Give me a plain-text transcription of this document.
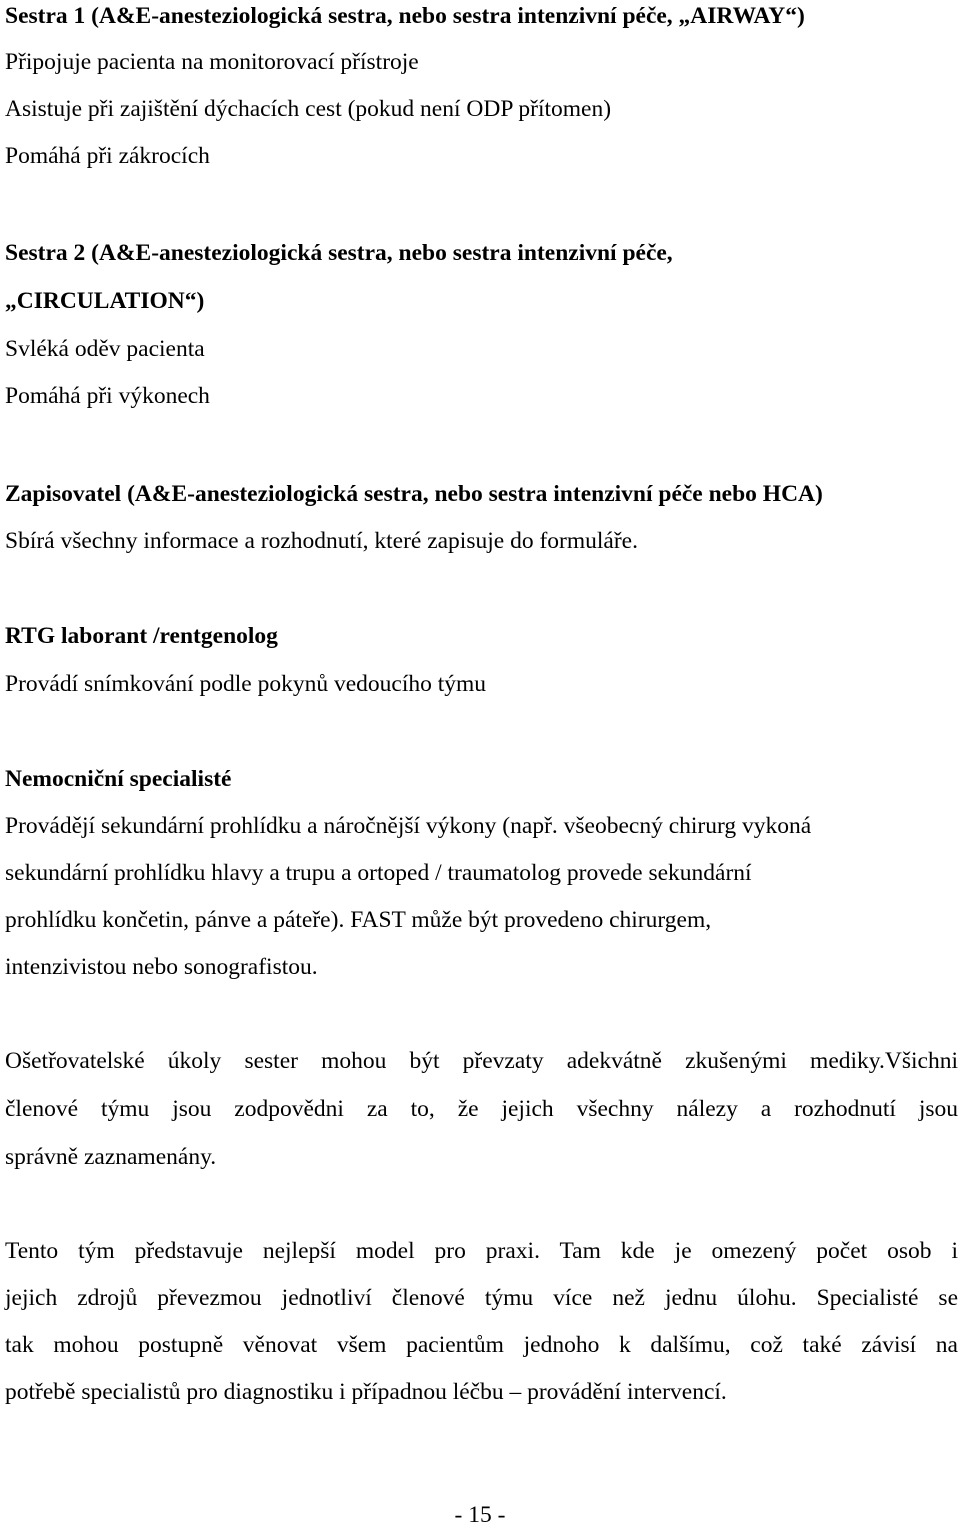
Sestra 1 (A&E-anesteziologická sestra, nebo sestra intenzivní péče, „AIRWAY“)
Připojuje pacienta na monitorovací přístroje
Asistuje při zajištění dýchacích cest (pokud není ODP přítomen)
Pomáhá při zákrocích
Sestra 2 (A&E-anesteziologická sestra, nebo sestra intenzivní péče,
„CIRCULATION“)
Svléká oděv pacienta
Pomáhá při výkonech
Zapisovatel (A&E-anesteziologická sestra, nebo sestra intenzivní péče nebo HCA)
Sbírá všechny informace a rozhodnutí, které zapisuje do formuláře.
RTG laborant /rentgenolog
Provádí snímkování podle pokynů vedoucího týmu
Nemocniční specialisté
Provádějí sekundární prohlídku a náročnější výkony (např. všeobecný chirurg vykoná
sekundární prohlídku hlavy a trupu a ortoped / traumatolog provede sekundární
prohlídku končetin, pánve a páteře). FAST může být provedeno chirurgem,
intenzivistou nebo sonografistou.
Ošetřovatelské úkoly sester mohou být převzaty adekvátně zkušenými mediky.Všichni
členové týmu jsou zodpovědni za to, že jejich všechny nálezy a rozhodnutí jsou
správně zaznamenány.
Tento tým představuje nejlepší model pro praxi. Tam kde je omezený počet osob i
jejich zdrojů převezmou jednotliví členové týmu více než jednu úlohu. Specialisté se
tak mohou postupně věnovat všem pacientům jednoho k dalšímu, což také závisí na
potřebě specialistů pro diagnostiku i případnou léčbu – provádění intervencí.
- 15 -
